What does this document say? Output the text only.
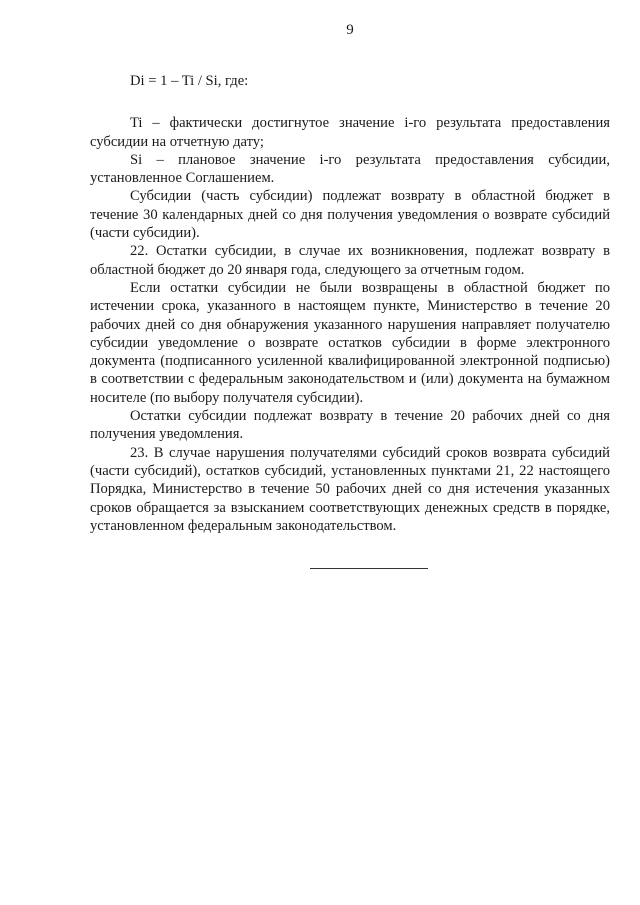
9

Di = 1 – Ti / Si, где:

Ti – фактически достигнутое значение i-го результата предоставления субсидии на отчетную дату;

Si – плановое значение i-го результата предоставления субсидии, установленное Соглашением.

Субсидии (часть субсидии) подлежат возврату в областной бюджет в течение 30 календарных дней со дня получения уведомления о возврате субсидий (части субсидии).

22. Остатки субсидии, в случае их возникновения, подлежат возврату в областной бюджет до 20 января года, следующего за отчетным годом.

Если остатки субсидии не были возвращены в областной бюджет по истечении срока, указанного в настоящем пункте, Министерство в течение 20 рабочих дней со дня обнаружения указанного нарушения направляет получателю субсидии уведомление о возврате остатков субсидии в форме электронного документа (подписанного усиленной квалифицированной электронной подписью) в соответствии с федеральным законодательством и (или) документа на бумажном носителе (по выбору получателя субсидии).

Остатки субсидии подлежат возврату в течение 20 рабочих дней со дня получения уведомления.

23. В случае нарушения получателями субсидий сроков возврата субсидий (части субсидий), остатков субсидий, установленных пунктами 21, 22 настоящего Порядка, Министерство в течение 50 рабочих дней со дня истечения указанных сроков обращается за взысканием соответствующих денежных средств в порядке, установленном федеральным законодательством.
